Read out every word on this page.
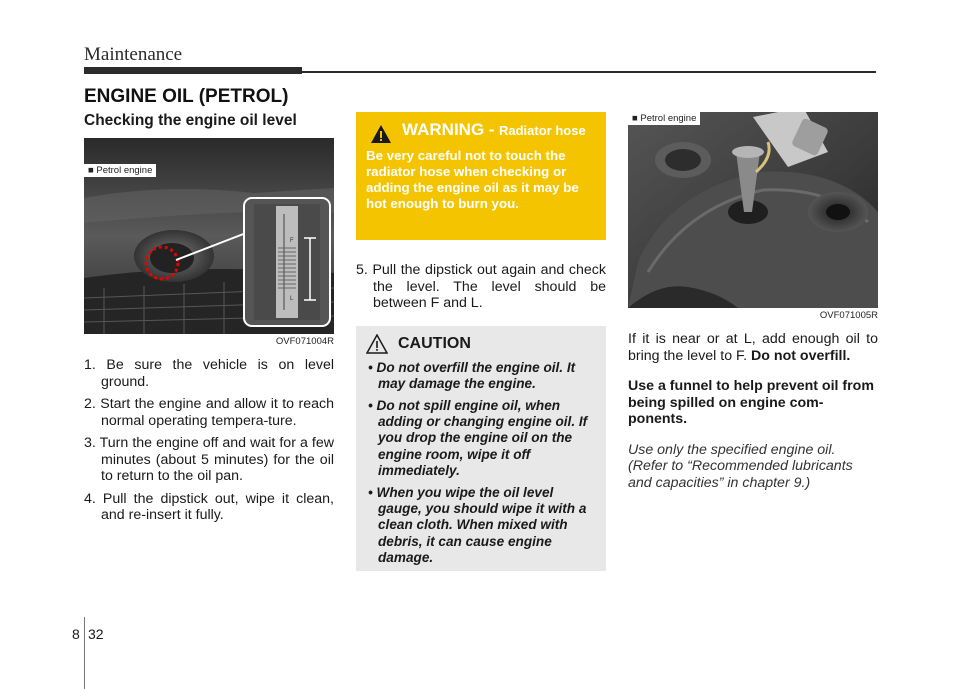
Maintenance
ENGINE OIL (PETROL)
Checking the engine oil level
■ Petrol engine
F
L
OVF071004R
1. Be sure the vehicle is on level ground.
2. Start the engine and allow it to reach normal operating tempera-ture.
3. Turn the engine off and wait for a few minutes (about 5 minutes) for the oil to return to the oil pan.
4. Pull the dipstick out, wipe it clean, and re-insert it fully.
WARNING - Radiator hose
Be very careful not to touch the radiator hose when checking or adding the engine oil as it may be hot enough to burn you.
5. Pull the dipstick out again and check the level. The level should be between F and L.
CAUTION
• Do not overfill the engine oil. It may damage the engine.
• Do not spill engine oil, when adding or changing engine oil. If you drop the engine oil on the engine room, wipe it off immediately.
• When you wipe the oil level gauge, you should wipe it with a clean cloth. When mixed with debris, it can cause engine damage.
■ Petrol engine
OVF071005R
If it is near or at L, add enough oil to bring the level to F. Do not overfill.
Use a funnel to help prevent oil from being spilled on engine com-ponents.
Use only the specified engine oil. (Refer to “Recommended lubricants and capacities” in chapter 9.)
8 32
